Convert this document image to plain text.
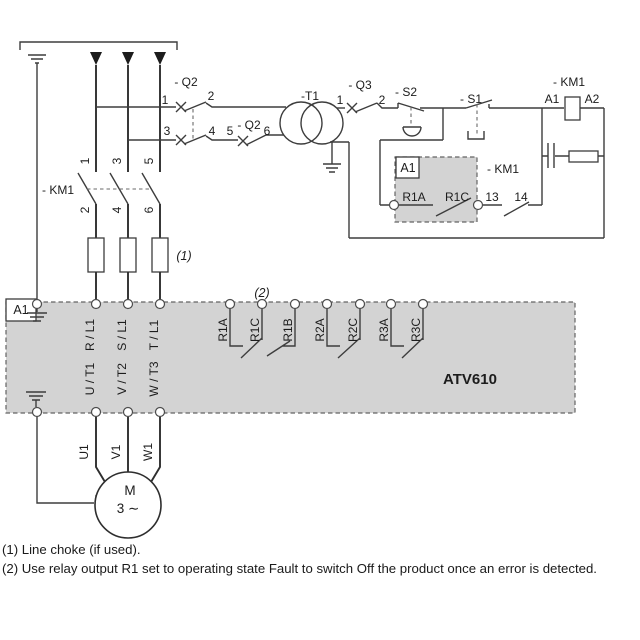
- Q2
1	2
3	4 5 - Q2 6
-T1
- Q3
1	2
- S2	- S1
- KM1
A1 A2
A1	- KM1
R1A R1C 13 14
- KM1
1 3 5
2 4 6
(1)
A1
ATV610
(2)
R / L1 S / L1 T / L1
U / T1 V / T2 W / T3
R1A R1C R1B R2A R2C R3A R3C
M
3 ∼
U1 V1 W1
(1) Line choke (if used).
(2) Use relay output R1 set to operating state Fault to switch Off the product once an error is detected.
